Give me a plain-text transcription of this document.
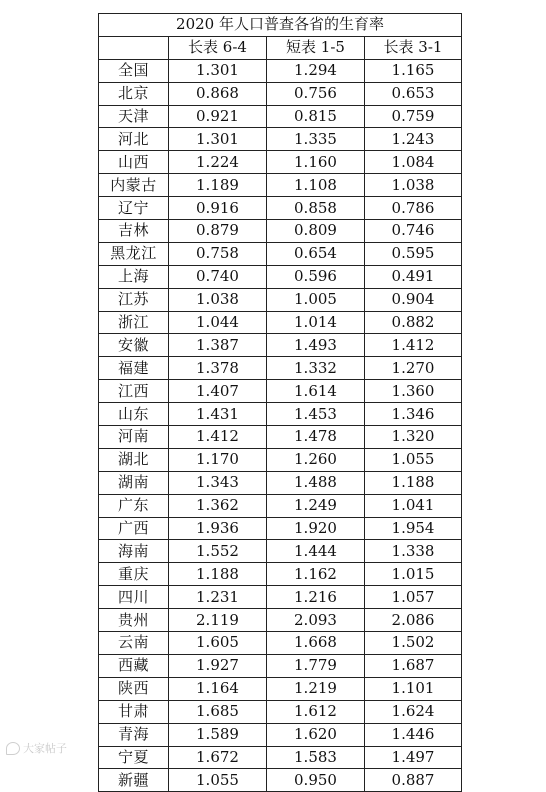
2020 年人口普查各省的生育率			
	长表 6-4	短表 1-5	长表 3-1
全国	1.301	1.294	1.165
北京	0.868	0.756	0.653
天津	0.921	0.815	0.759
河北	1.301	1.335	1.243
山西	1.224	1.160	1.084
内蒙古	1.189	1.108	1.038
辽宁	0.916	0.858	0.786
吉林	0.879	0.809	0.746
黑龙江	0.758	0.654	0.595
上海	0.740	0.596	0.491
江苏	1.038	1.005	0.904
浙江	1.044	1.014	0.882
安徽	1.387	1.493	1.412
福建	1.378	1.332	1.270
江西	1.407	1.614	1.360
山东	1.431	1.453	1.346
河南	1.412	1.478	1.320
湖北	1.170	1.260	1.055
湖南	1.343	1.488	1.188
广东	1.362	1.249	1.041
广西	1.936	1.920	1.954
海南	1.552	1.444	1.338
重庆	1.188	1.162	1.015
四川	1.231	1.216	1.057
贵州	2.119	2.093	2.086
云南	1.605	1.668	1.502
西藏	1.927	1.779	1.687
陕西	1.164	1.219	1.101
甘肃	1.685	1.612	1.624
青海	1.589	1.620	1.446
宁夏	1.672	1.583	1.497
新疆	1.055	0.950	0.887
大家帖子
